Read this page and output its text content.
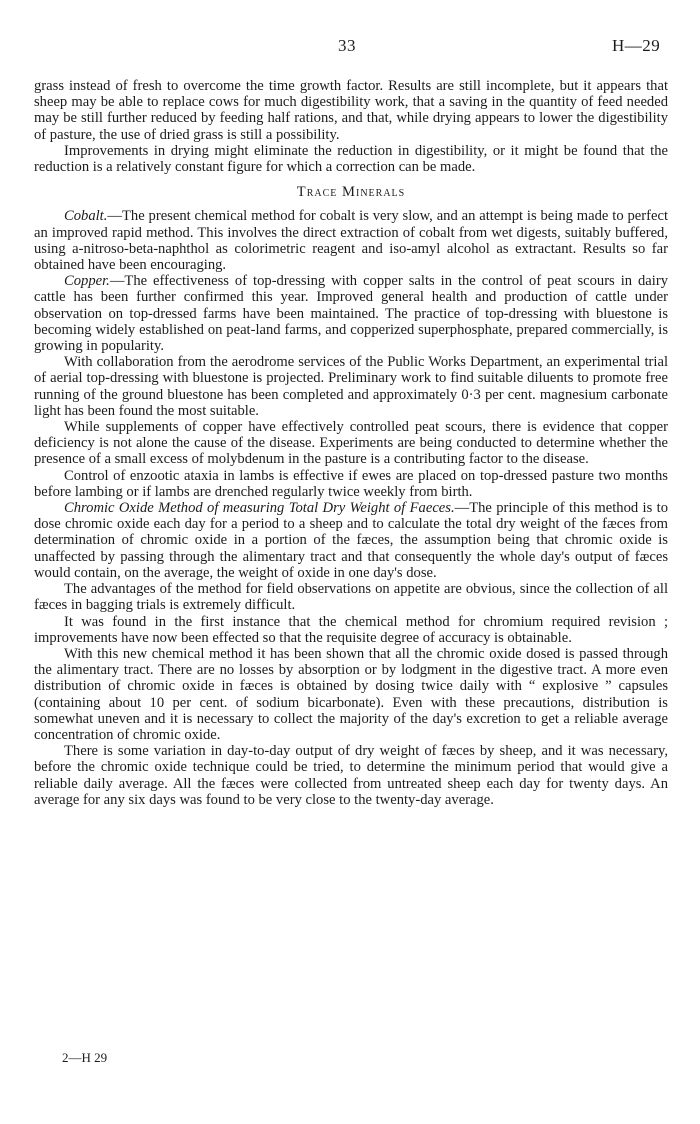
33	H—29

grass instead of fresh to overcome the time growth factor. Results are still incomplete, but it appears that sheep may be able to replace cows for much digestibility work, that a saving in the quantity of feed needed may be still further reduced by feeding half rations, and that, while drying appears to lower the digestibility of pasture, the use of dried grass is still a possibility.

Improvements in drying might eliminate the reduction in digestibility, or it might be found that the reduction is a relatively constant figure for which a correction can be made.

Trace Minerals

Cobalt.—The present chemical method for cobalt is very slow, and an attempt is being made to perfect an improved rapid method. This involves the direct extraction of cobalt from wet digests, suitably buffered, using a-nitroso-beta-naphthol as colorimetric reagent and iso-amyl alcohol as extractant. Results so far obtained have been encouraging.

Copper.—The effectiveness of top-dressing with copper salts in the control of peat scours in dairy cattle has been further confirmed this year. Improved general health and production of cattle under observation on top-dressed farms have been maintained. The practice of top-dressing with bluestone is becoming widely established on peat-land farms, and copperized superphosphate, prepared commercially, is growing in popularity.

With collaboration from the aerodrome services of the Public Works Department, an experimental trial of aerial top-dressing with bluestone is projected. Preliminary work to find suitable diluents to promote free running of the ground bluestone has been completed and approximately 0·3 per cent. magnesium carbonate light has been found the most suitable.

While supplements of copper have effectively controlled peat scours, there is evidence that copper deficiency is not alone the cause of the disease. Experiments are being conducted to determine whether the presence of a small excess of molybdenum in the pasture is a contributing factor to the disease.

Control of enzootic ataxia in lambs is effective if ewes are placed on top-dressed pasture two months before lambing or if lambs are drenched regularly twice weekly from birth.

Chromic Oxide Method of measuring Total Dry Weight of Faeces.—The principle of this method is to dose chromic oxide each day for a period to a sheep and to calculate the total dry weight of the fæces from determination of chromic oxide in a portion of the fæces, the assumption being that chromic oxide is unaffected by passing through the alimentary tract and that consequently the whole day's output of fæces would contain, on the average, the weight of oxide in one day's dose.

The advantages of the method for field observations on appetite are obvious, since the collection of all fæces in bagging trials is extremely difficult.

It was found in the first instance that the chemical method for chromium required revision ; improvements have now been effected so that the requisite degree of accuracy is obtainable.

With this new chemical method it has been shown that all the chromic oxide dosed is passed through the alimentary tract. There are no losses by absorption or by lodgment in the digestive tract. A more even distribution of chromic oxide in fæces is obtained by dosing twice daily with “ explosive ” capsules (containing about 10 per cent. of sodium bicarbonate). Even with these precautions, distribution is somewhat uneven and it is necessary to collect the majority of the day's excretion to get a reliable average concentration of chromic oxide.

There is some variation in day-to-day output of dry weight of fæces by sheep, and it was necessary, before the chromic oxide technique could be tried, to determine the minimum period that would give a reliable daily average. All the fæces were collected from untreated sheep each day for twenty days. An average for any six days was found to be very close to the twenty-day average.

2—H 29
